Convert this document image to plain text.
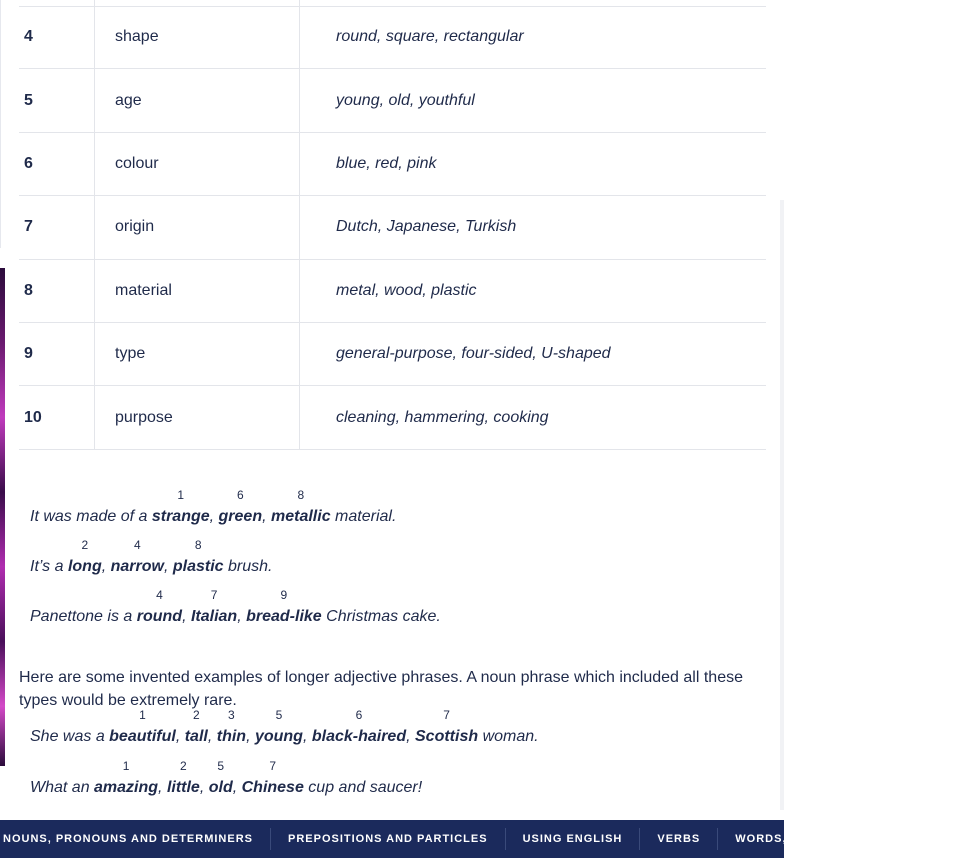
4	shape	round, square, rectangular
5	age	young, old, youthful
6	colour	blue, red, pink
7	origin	Dutch, Japanese, Turkish
8	material	metal, wood, plastic
9	type	general-purpose, four-sided, U-shaped
10	purpose	cleaning, hammering, cooking
It was made of a strange, green, metallic material.
1	6	8
It’s a long, narrow, plastic brush.
2	4	8
Panettone is a round, Italian, bread-like Christmas cake.
4	7	9

Here are some invented examples of longer adjective phrases. A noun phrase which included all these types would be extremely rare.

She was a beautiful, tall, thin, young, black-haired, Scottish woman.
1	2 3	5	6	7
What an amazing, little, old, Chinese cup and saucer!
1	2	5	7
NOUNS, PRONOUNS AND DETERMINERS	PREPOSITIONS AND PARTICLES	USING ENGLISH	VERBS	WORDS, SENTENCES AND CLAUSES
